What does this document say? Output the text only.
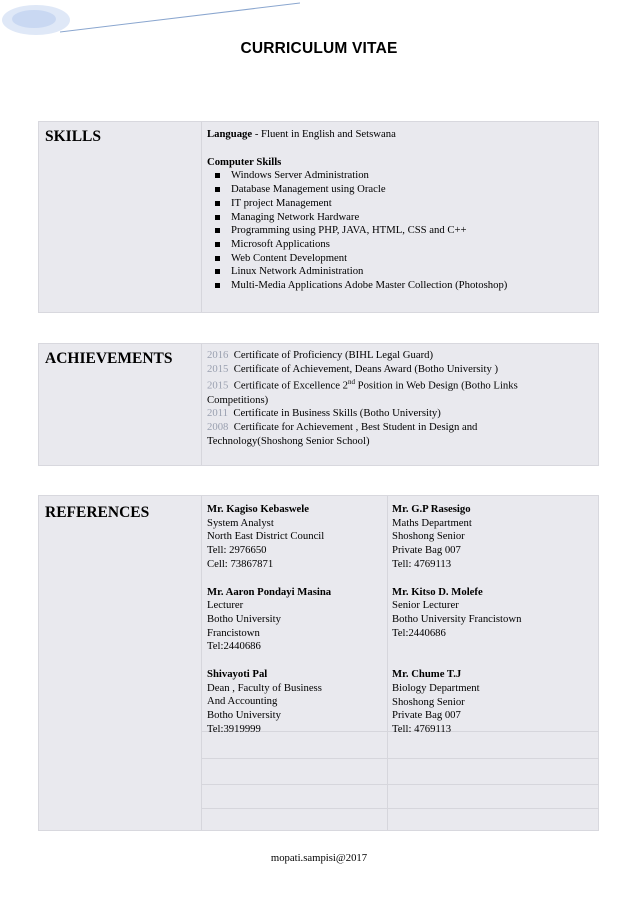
CURRICULUM VITAE
SKILLS	Language - Fluent in English and Setswana
Computer Skills
Windows Server Administration
Database Management using Oracle
IT project Management
Managing Network Hardware
Programming using PHP, JAVA, HTML, CSS and C++
Microsoft Applications
Web Content Development
Linux Network Administration
Multi-Media Applications Adobe Master Collection (Photoshop)
ACHIEVEMENTS	2016 Certificate of Proficiency (BIHL Legal Guard)
2015 Certificate of Achievement, Deans Award (Botho University )
2015 Certificate of Excellence 2nd Position in Web Design (Botho Links Competitions)
2011 Certificate in Business Skills (Botho University)
2008 Certificate for Achievement , Best Student in Design and Technology(Shoshong Senior School)
REFERENCES	Mr. Kagiso Kebaswele
System Analyst
North East District Council
Tell: 2976650
Cell: 73867871
Mr. Aaron Pondayi Masina
Lecturer
Botho University
Francistown
Tel:2440686
Shivayoti Pal
Dean , Faculty of Business
And Accounting
Botho University
Tel:3919999
Mr. G.P Rasesigo
Maths Department
Shoshong Senior
Private Bag 007
Tell: 4769113
Mr. Kitso D. Molefe
Senior Lecturer
Botho University Francistown
Tel:2440686
Mr. Chume T.J
Biology Department
Shoshong Senior
Private Bag 007
Tell: 4769113
mopati.sampisi@2017
